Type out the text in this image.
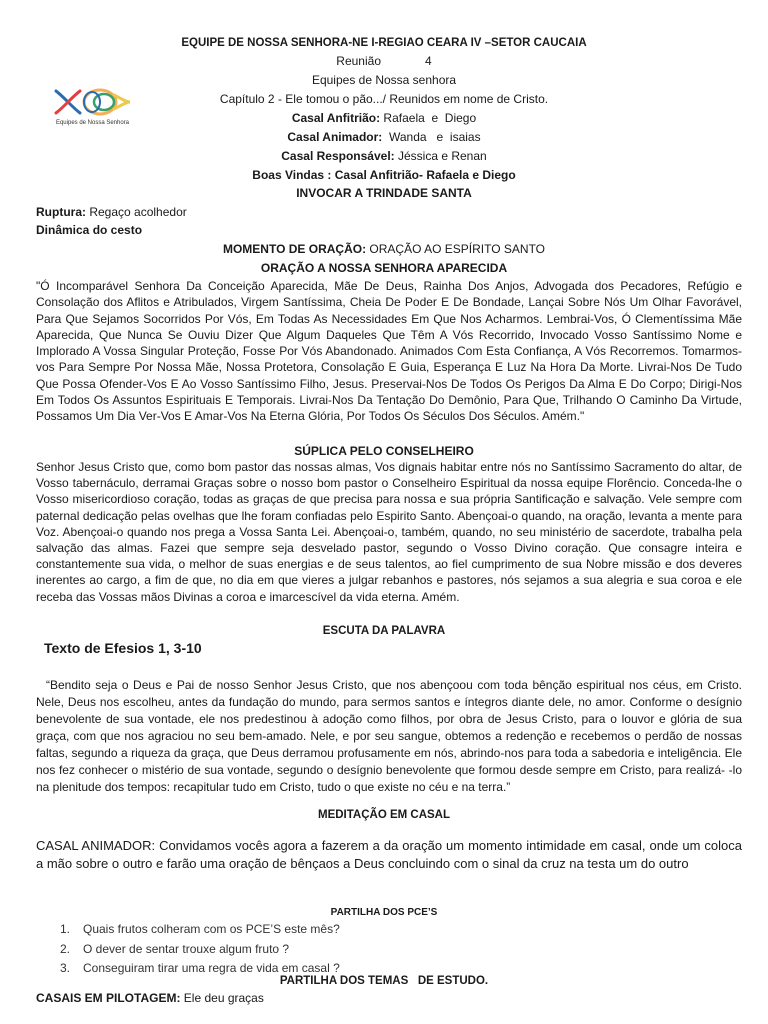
Equipes de Nossa Senhora
EQUIPE DE NOSSA SENHORA-NE I-REGIAO CEARA IV –SETOR CAUCAIA
Reunião	4
Equipes de Nossa senhora
Capítulo 2 - Ele tomou o pão.../ Reunidos em nome de Cristo.
Casal Anfitrião: Rafaela  e  Diego
Casal Animador:  Wanda   e  isaias
Casal Responsável: Jéssica e Renan
Boas Vindas : Casal Anfitrião- Rafaela e Diego
INVOCAR A TRINDADE SANTA
Ruptura: Regaço acolhedor
Dinâmica do cesto
MOMENTO DE ORAÇÃO: ORAÇÃO AO ESPÍRITO SANTO
ORAÇÃO A NOSSA SENHORA APARECIDA

"Ó Incomparável Senhora Da Conceição Aparecida, Mãe De Deus, Rainha Dos Anjos, Advogada dos Pecadores, Refúgio e Consolação dos Aflitos e Atribulados, Virgem Santíssima, Cheia De Poder E De Bondade, Lançai Sobre Nós Um Olhar Favorável, Para Que Sejamos Socorridos Por Vós, Em Todas As Necessidades Em Que Nos Acharmos. Lembrai-Vos, Ó Clementíssima Mãe Aparecida, Que Nunca Se Ouviu Dizer Que Algum Daqueles Que Têm A Vós Recorrido, Invocado Vosso Santíssimo Nome e Implorado A Vossa Singular Proteção, Fosse Por Vós Abandonado. Animados Com Esta Confiança, A Vós Recorremos. Tomarmos-vos Para Sempre Por Nossa Mãe, Nossa Protetora, Consolação E Guia, Esperança E Luz Na Hora Da Morte. Livrai-Nos De Tudo Que Possa Ofender-Vos E Ao Vosso Santíssimo Filho, Jesus. Preservai-Nos De Todos Os Perigos Da Alma E Do Corpo; Dirigi-Nos Em Todos Os Assuntos Espirituais E Temporais. Livrai-Nos Da Tentação Do Demônio, Para Que, Trilhando O Caminho Da Virtude, Possamos Um Dia Ver-Vos E Amar-Vos Na Eterna Glória, Por Todos Os Séculos Dos Séculos. Amém."

SÚPLICA PELO CONSELHEIRO

Senhor Jesus Cristo que, como bom pastor das nossas almas, Vos dignais habitar entre nós no Santíssimo Sacramento do altar, de Vosso tabernáculo, derramai Graças sobre o nosso bom pastor o Conselheiro Espiritual da nossa equipe Florêncio. Conceda-lhe o Vosso misericordioso coração, todas as graças de que precisa para nossa e sua própria Santificação e salvação. Vele sempre com paternal dedicação pelas ovelhas que lhe foram confiadas pelo Espirito Santo. Abençoai-o quando, na oração, levanta a mente para Voz. Abençoai-o quando nos prega a Vossa Santa Lei. Abençoai-o, também, quando, no seu ministério de sacerdote, trabalha pela salvação das almas. Fazei que sempre seja desvelado pastor, segundo o Vosso Divino coração. Que consagre inteira e constantemente sua vida, o melhor de suas energias e de seus talentos, ao fiel cumprimento de sua Nobre missão e dos deveres inerentes ao cargo, a fim de que, no dia em que vieres a julgar rebanhos e pastores, nós sejamos a sua alegria e sua coroa e ele receba das Vossas mãos Divinas a coroa e imarcescível da vida eterna. Amém.

ESCUTA DA PALAVRA
Texto de Efesios 1, 3-10

“Bendito seja o Deus e Pai de nosso Senhor Jesus Cristo, que nos abençoou com toda bênção espiritual nos céus, em Cristo. Nele, Deus nos escolheu, antes da fundação do mundo, para sermos santos e íntegros diante dele, no amor. Conforme o desígnio benevolente de sua vontade, ele nos predestinou à adoção como filhos, por obra de Jesus Cristo, para o louvor e glória de sua graça, com que nos agraciou no seu bem-amado. Nele, e por seu sangue, obtemos a redenção e recebemos o perdão de nossas faltas, segundo a riqueza da graça, que Deus derramou profusamente em nós, abrindo-nos para toda a sabedoria e inteligência. Ele nos fez conhecer o mistério de sua vontade, segundo o desígnio benevolente que formou desde sempre em Cristo, para realizá- -lo na plenitude dos tempos: recapitular tudo em Cristo, tudo o que existe no céu e na terra.”

MEDITAÇÃO EM CASAL

CASAL ANIMADOR: Convidamos vocês agora a fazerem a da oração um momento intimidade em casal, onde um coloca a mão sobre o outro e farão uma oração de bênçaos a Deus concluindo com o sinal da cruz na testa um do outro

PARTILHA DOS PCE’S
1. Quais frutos colheram com os PCE’S este mês?
2. O dever de sentar trouxe algum fruto ?
3. Conseguiram tirar uma regra de vida em casal ?
PARTILHA DOS TEMAS   DE ESTUDO.
CASAIS EM PILOTAGEM: Ele deu graças
